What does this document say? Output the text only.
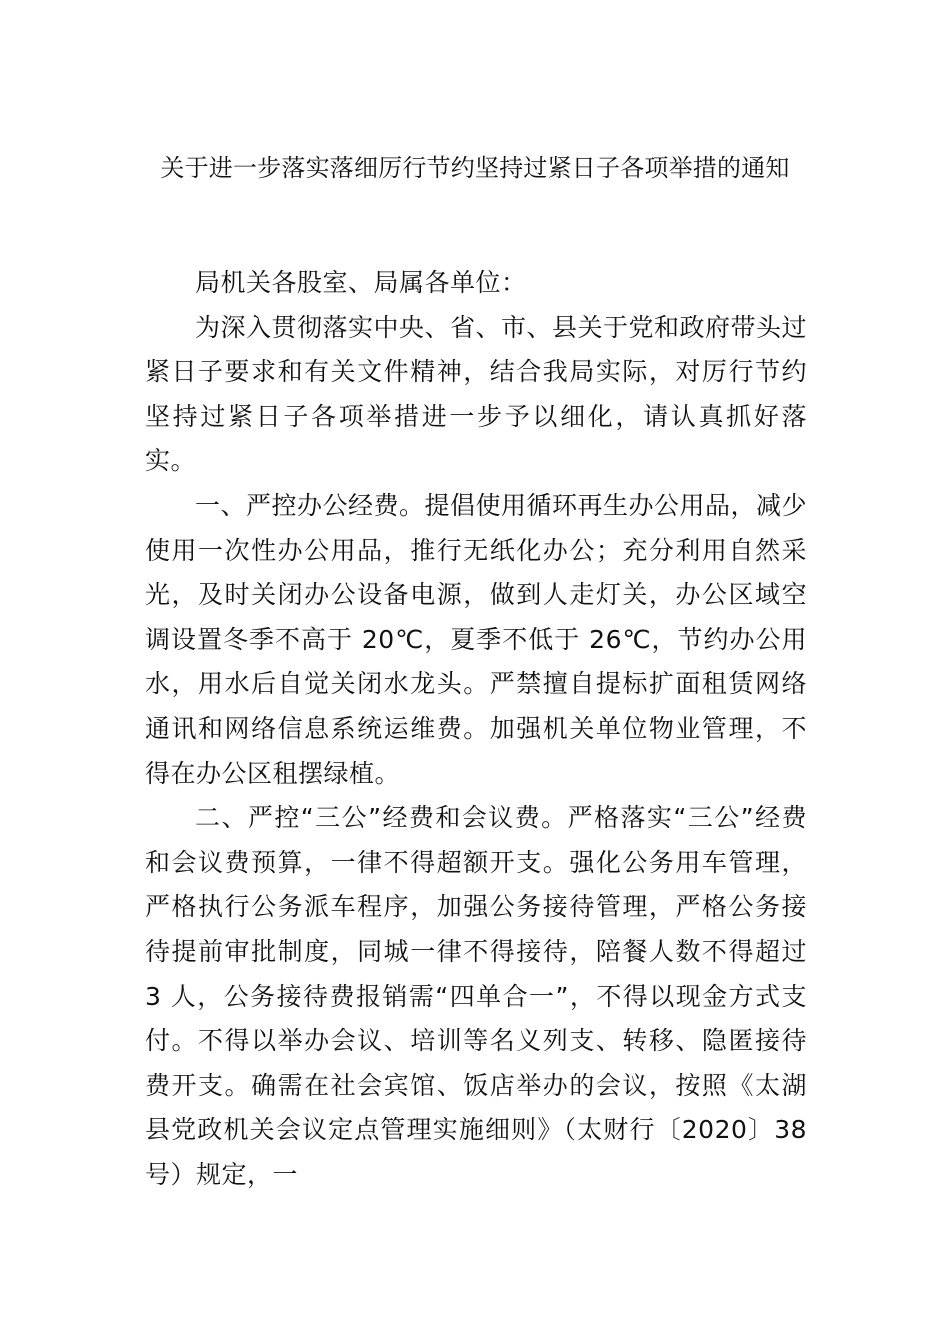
关于进一步落实落细厉行节约坚持过紧日子各项举措的通知

局机关各股室、局属各单位：

为深入贯彻落实中央、省、市、县关于党和政府带头过紧日子要求和有关文件精神，结合我局实际，对厉行节约坚持过紧日子各项举措进一步予以细化，请认真抓好落实。

一、严控办公经费。提倡使用循环再生办公用品，减少使用一次性办公用品，推行无纸化办公；充分利用自然采光，及时关闭办公设备电源，做到人走灯关，办公区域空调设置冬季不高于 20℃，夏季不低于 26℃，节约办公用水，用水后自觉关闭水龙头。严禁擅自提标扩面租赁网络通讯和网络信息系统运维费。加强机关单位物业管理，不得在办公区租摆绿植。

二、严控“三公”经费和会议费。严格落实“三公”经费和会议费预算，一律不得超额开支。强化公务用车管理，严格执行公务派车程序，加强公务接待管理，严格公务接待提前审批制度，同城一律不得接待，陪餐人数不得超过 3 人，公务接待费报销需“四单合一”，不得以现金方式支付。不得以举办会议、培训等名义列支、转移、隐匿接待费开支。确需在社会宾馆、饭店举办的会议，按照《太湖县党政机关会议定点管理实施细则》（太财行〔2020〕38 号）规定，一
